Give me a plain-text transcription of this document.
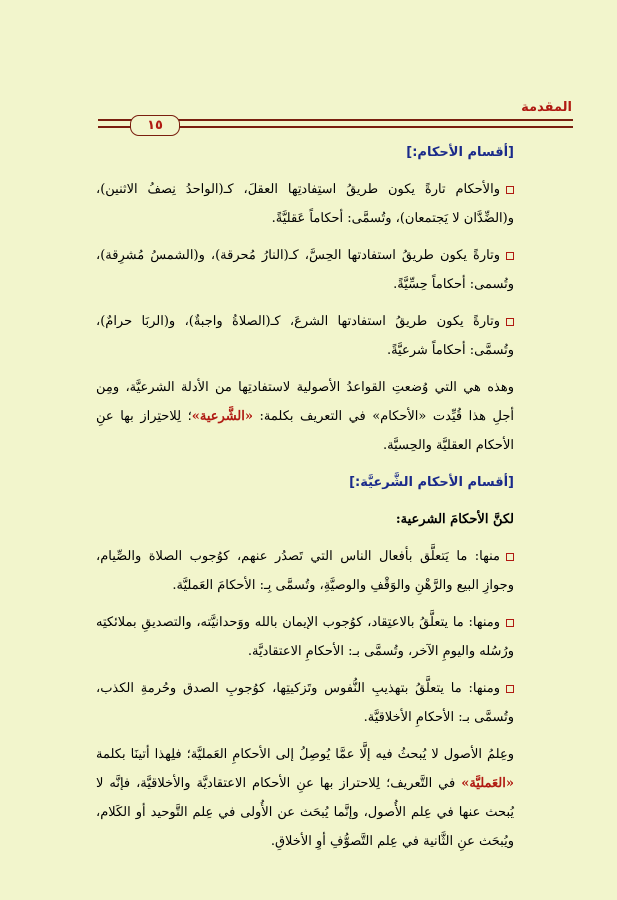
المقدمة
١٥

[أقسام الأحكام:]

والأحكام تارةً يكون طريقُ استِفادتِها العقلَ، كـ(الواحدُ نِصفُ الاثنين)، و(الضِّدَّان لا يَجتمعان)، وتُسمَّى: أحكاماً عَقليَّةً.

وتارةً يكون طريقُ استفادتها الحِسَّ، كـ(النارُ مُحرقة)، و(الشمسُ مُشرِقة)، وتُسمى: أحكاماً حِسِّيَّةً.

وتارةً يكون طريقُ استفادتها الشرعَ، كـ(الصلاةُ واجبةٌ)، و(الربَا حرامٌ)، وتُسمَّى: أحكاماً شرعيَّةً.

وهذه هي التي وُضعتِ القواعدُ الأصولية لاستفادتِها من الأدلة الشرعيَّة، ومِن أجلِ هذا قُيِّدت «الأحكام» في التعريف بكلمة: «الشَّرعية»؛ لِلاحتِراز بها عنِ الأحكام العقليَّة والحِسيَّة.

[أقسام الأحكام الشَّرعيَّة:]

لكنَّ الأحكامَ الشرعية:

منها: ما يَتعلَّق بأفعال الناس التي تَصدُر عنهم، كوُجوب الصلاة والصِّيام، وجوازِ البيع والرَّهْنِ والوَقْفِ والوصيَّةِ، وتُسمَّى بِـ: الأحكامَ العَمليَّة.

ومنها: ما يتعلَّقُ بالاعتِقاد، كوُجوب الإيمان بالله ووَحدانيَّته، والتصديقِ بملائكتِه ورُسُله واليومِ الآخر، وتُسمَّى بـ: الأحكامِ الاعتقاديَّة.

ومنها: ما يتعلَّقُ بتهذيبِ النُّفوس وتَزكيتِها، كوُجوبِ الصدق وحُرمةِ الكذب، وتُسمَّى بـ: الأحكامِ الأخلاقيَّة.

وعِلمُ الأصول لا يُبحثُ فيه إلَّا عمَّا يُوصِلُ إلى الأحكامِ العَمليَّة؛ فلِهذا أتينَا بكلمة «العَمليَّة» في التَّعريف؛ لِلاحتراز بها عنِ الأحكام الاعتقاديَّة والأخلاقيَّة، فإنَّه لا يُبحث عنها في عِلم الأُصول، وإنَّما يُبحَث عن الأُولى في عِلم التَّوحيد أو الكَلام، ويُبحَث عنِ الثَّانية في عِلم التَّصوُّفِ أوِ الأخلاقِ.
